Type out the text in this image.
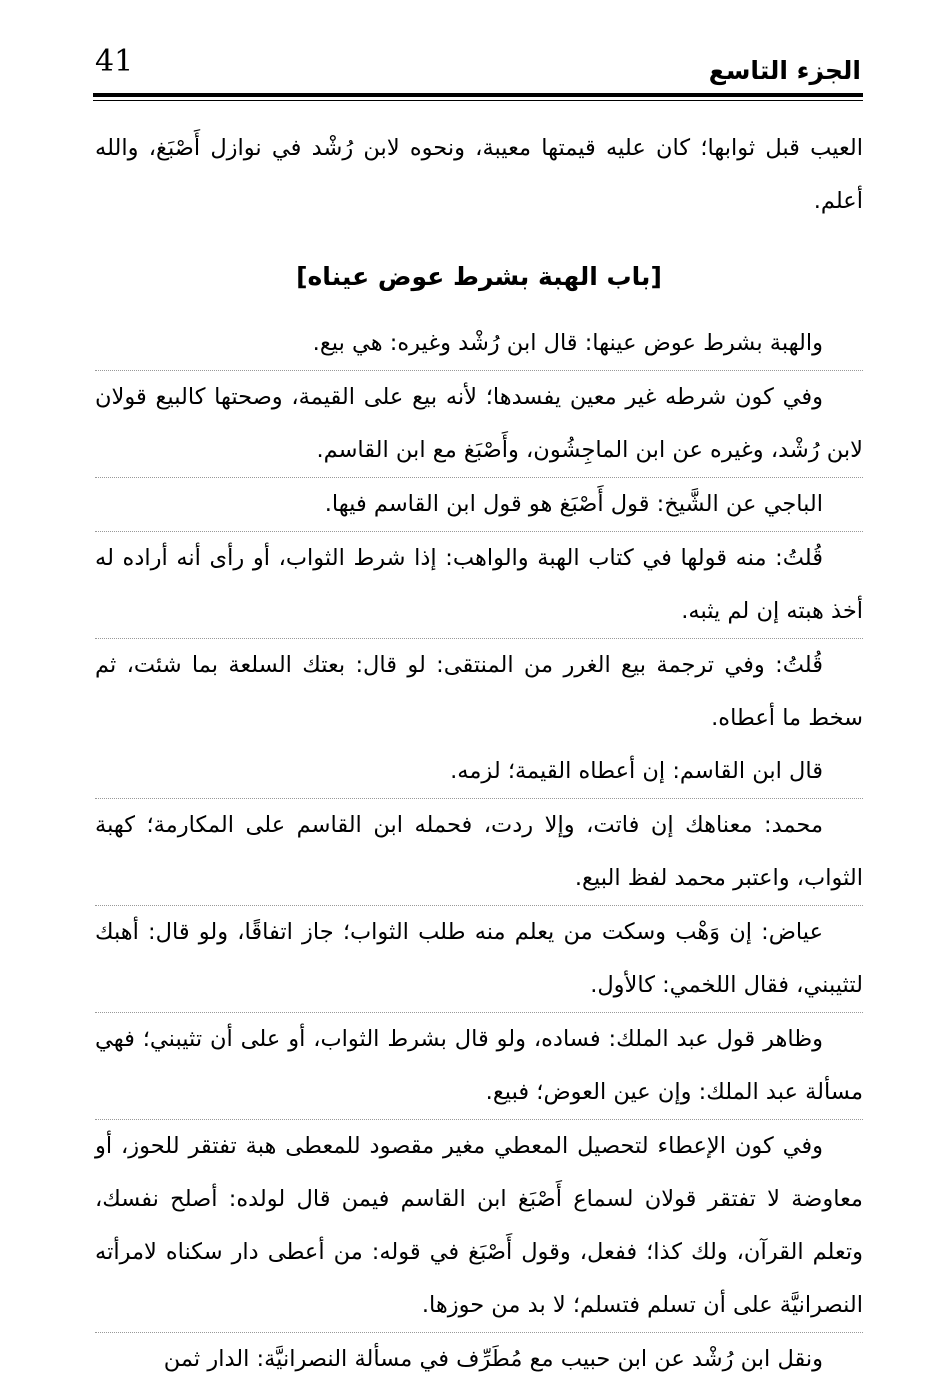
41	الجزء التاسع

العيب قبل ثوابها؛ كان عليه قيمتها معيبة، ونحوه لابن رُشْد في نوازل أَصْبَغ، والله أعلم.

[باب الهبة بشرط عوض عيناه]

والهبة بشرط عوض عينها: قال ابن رُشْد وغيره: هي بيع.

وفي كون شرطه غير معين يفسدها؛ لأنه بيع على القيمة، وصحتها كالبيع قولان لابن رُشْد، وغيره عن ابن الماجِشُون، وأَصْبَغ مع ابن القاسم.

الباجي عن الشَّيخ: قول أَصْبَغ هو قول ابن القاسم فيها.

قُلتُ: منه قولها في كتاب الهبة والواهب: إذا شرط الثواب، أو رأى أنه أراده له أخذ هبته إن لم يثبه.

قُلتُ: وفي ترجمة بيع الغرر من المنتقى: لو قال: بعتك السلعة بما شئت، ثم سخط ما أعطاه.

قال ابن القاسم: إن أعطاه القيمة؛ لزمه.

محمد: معناهك إن فاتت، وإلا ردت، فحمله ابن القاسم على المكارمة؛ كهبة الثواب، واعتبر محمد لفظ البيع.

عياض: إن وَهْب وسكت من يعلم منه طلب الثواب؛ جاز اتفاقًا، ولو قال: أهبك لتثيبني، فقال اللخمي: كالأول.

وظاهر قول عبد الملك: فساده، ولو قال بشرط الثواب، أو على أن تثيبني؛ فهي مسألة عبد الملك: وإن عين العوض؛ فبيع.

وفي كون الإعطاء لتحصيل المعطي مغير مقصود للمعطى هبة تفتقر للحوز، أو معاوضة لا تفتقر قولان لسماع أَصْبَغ ابن القاسم فيمن قال لولده: أصلح نفسك، وتعلم القرآن، ولك كذا؛ ففعل، وقول أَصْبَغ في قوله: من أعطى دار سكناه لامرأته النصرانيَّة على أن تسلم فتسلم؛ لا بد من حوزها.

ونقل ابن رُشْد عن ابن حبيب مع مُطَرِّف في مسألة النصرانيَّة: الدار ثمن
